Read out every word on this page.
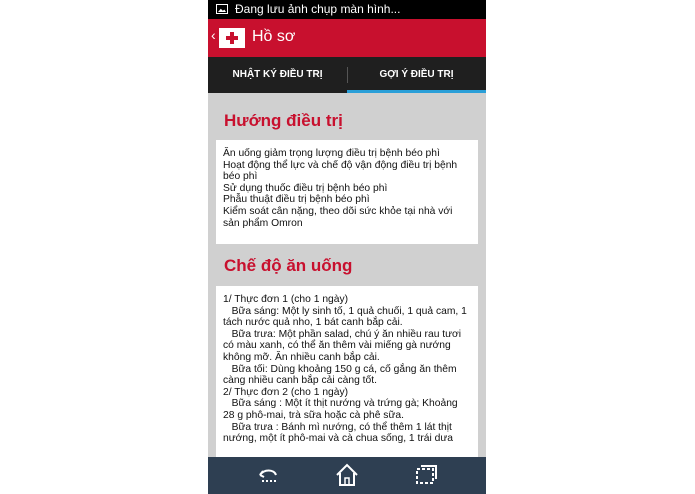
Đang lưu ảnh chụp màn hình...
‹ Hồ sơ
NHẬT KÝ ĐIỀU TRỊ	GỢI Ý ĐIỀU TRỊ
Hướng điều trị
Ăn uống giảm trọng lượng điều trị bệnh béo phì
Hoạt động thể lực và chế độ vận động điều trị bệnh
béo phì
Sử dụng thuốc điều trị bệnh béo phì
Phẫu thuật điều trị bệnh béo phì
Kiểm soát cân nặng, theo dõi sức khỏe tại nhà với
sản phẩm Omron
Chế độ ăn uống
1/ Thực đơn 1 (cho 1 ngày)
Bữa sáng: Một ly sinh tố, 1 quả chuối, 1 quả cam, 1
tách nước quả nho, 1 bát canh bắp cải.
Bữa trưa: Một phần salad, chú ý ăn nhiều rau tươi
có màu xanh, có thể ăn thêm vài miếng gà nướng
không mỡ. Ăn nhiều canh bắp cải.
Bữa tối: Dùng khoảng 150 g cá, cố gắng ăn thêm
càng nhiều canh bắp cải càng tốt.
2/ Thực đơn 2 (cho 1 ngày)
Bữa sáng : Một ít thịt nướng và trứng gà; Khoảng
28 g phô-mai, trà sữa hoặc cà phê sữa.
Bữa trưa : Bánh mì nướng, có thể thêm 1 lát thịt
nướng, một ít phô-mai và cà chua sống, 1 trái dưa
